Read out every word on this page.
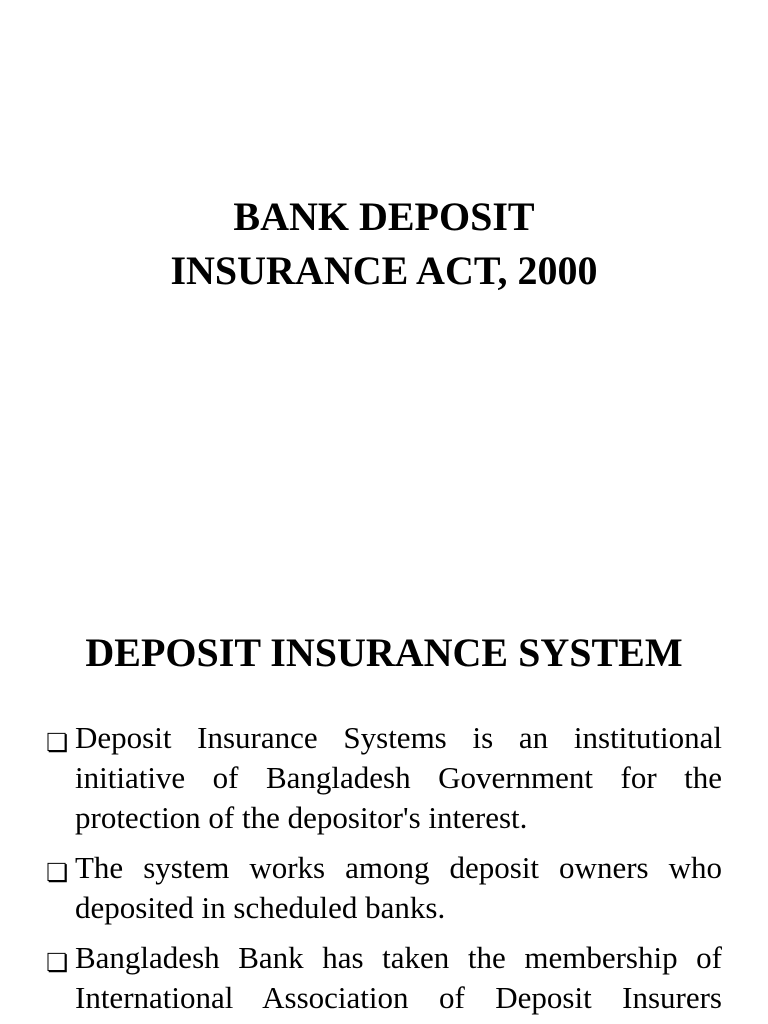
BANK DEPOSIT
INSURANCE ACT, 2000
DEPOSIT INSURANCE SYSTEM
❏
Deposit Insurance Systems is an institutional
initiative of Bangladesh Government for the
protection of the depositor's interest.
❏
The system works among deposit owners who
deposited in scheduled banks.
❏
Bangladesh Bank has taken the membership of
International Association of Deposit Insurers
